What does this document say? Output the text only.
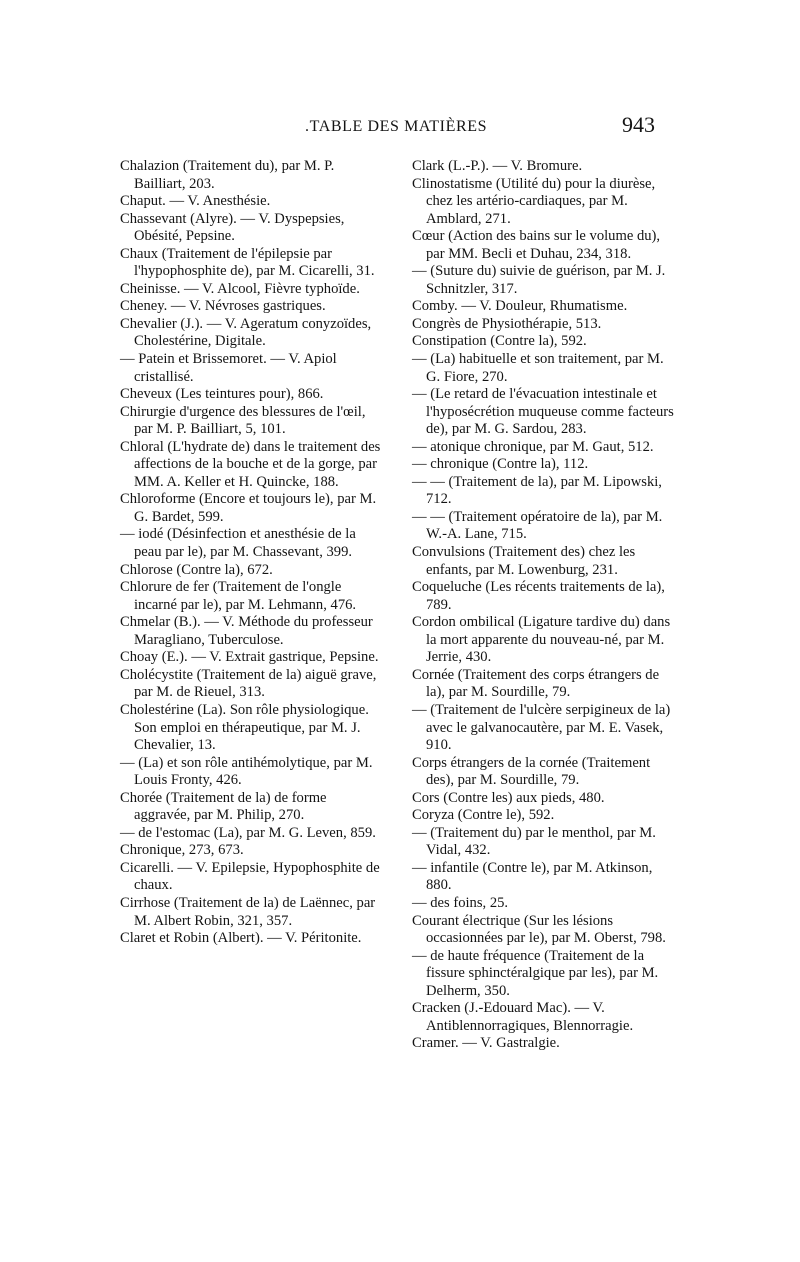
.TABLE DES MATIÈRES	943
Chalazion (Traitement du), par M. P. Bailliart, 203.
Chaput. — V. Anesthésie.
Chassevant (Alyre). — V. Dyspepsies, Obésité, Pepsine.
Chaux (Traitement de l'épilepsie par l'hypophosphite de), par M. Cicarelli, 31.
Cheinisse. — V. Alcool, Fièvre typhoïde.
Cheney. — V. Névroses gastriques.
Chevalier (J.). — V. Ageratum conyzoïdes, Cholestérine, Digitale.
— Patein et Brissemoret. — V. Apiol cristallisé.
Cheveux (Les teintures pour), 866.
Chirurgie d'urgence des blessures de l'œil, par M. P. Bailliart, 5, 101.
Chloral (L'hydrate de) dans le traitement des affections de la bouche et de la gorge, par MM. A. Keller et H. Quincke, 188.
Chloroforme (Encore et toujours le), par M. G. Bardet, 599.
— iodé (Désinfection et anesthésie de la peau par le), par M. Chassevant, 399.
Chlorose (Contre la), 672.
Chlorure de fer (Traitement de l'ongle incarné par le), par M. Lehmann, 476.
Chmelar (B.). — V. Méthode du professeur Maragliano, Tuberculose.
Choay (E.). — V. Extrait gastrique, Pepsine.
Cholécystite (Traitement de la) aiguë grave, par M. de Rieuel, 313.
Cholestérine (La). Son rôle physiologique. Son emploi en thérapeutique, par M. J. Chevalier, 13.
— (La) et son rôle antihémolytique, par M. Louis Fronty, 426.
Chorée (Traitement de la) de forme aggravée, par M. Philip, 270.
— de l'estomac (La), par M. G. Leven, 859.
Chronique, 273, 673.
Cicarelli. — V. Epilepsie, Hypophosphite de chaux.
Cirrhose (Traitement de la) de Laënnec, par M. Albert Robin, 321, 357.
Claret et Robin (Albert). — V. Péritonite.
Clark (L.-P.). — V. Bromure.
Clinostatisme (Utilité du) pour la diurèse, chez les artério-cardiaques, par M. Amblard, 271.
Cœur (Action des bains sur le volume du), par MM. Becli et Duhau, 234, 318.
— (Suture du) suivie de guérison, par M. J. Schnitzler, 317.
Comby. — V. Douleur, Rhumatisme.
Congrès de Physiothérapie, 513.
Constipation (Contre la), 592.
— (La) habituelle et son traitement, par M. G. Fiore, 270.
— (Le retard de l'évacuation intestinale et l'hyposécrétion muqueuse comme facteurs de), par M. G. Sardou, 283.
— atonique chronique, par M. Gaut, 512.
— chronique (Contre la), 112.
— — (Traitement de la), par M. Lipowski, 712.
— — (Traitement opératoire de la), par M. W.-A. Lane, 715.
Convulsions (Traitement des) chez les enfants, par M. Lowenburg, 231.
Coqueluche (Les récents traitements de la), 789.
Cordon ombilical (Ligature tardive du) dans la mort apparente du nouveau-né, par M. Jerrie, 430.
Cornée (Traitement des corps étrangers de la), par M. Sourdille, 79.
— (Traitement de l'ulcère serpigineux de la) avec le galvanocautère, par M. E. Vasek, 910.
Corps étrangers de la cornée (Traitement des), par M. Sourdille, 79.
Cors (Contre les) aux pieds, 480.
Coryza (Contre le), 592.
— (Traitement du) par le menthol, par M. Vidal, 432.
— infantile (Contre le), par M. Atkinson, 880.
— des foins, 25.
Courant électrique (Sur les lésions occasionnées par le), par M. Oberst, 798.
— de haute fréquence (Traitement de la fissure sphinctéralgique par les), par M. Delherm, 350.
Cracken (J.-Edouard Mac). — V. Antiblennorragiques, Blennorragie.
Cramer. — V. Gastralgie.
